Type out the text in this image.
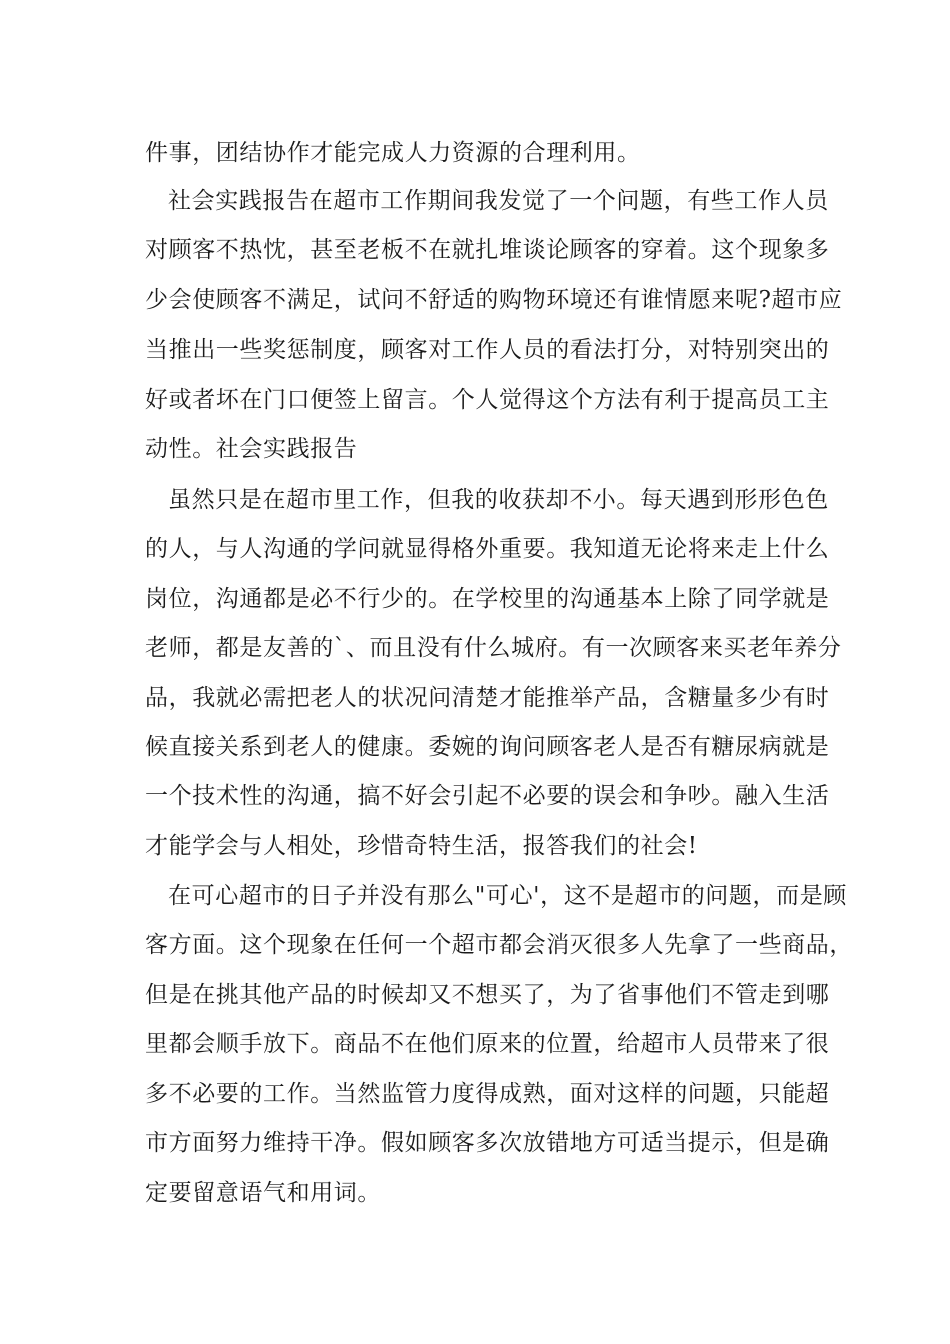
件事，团结协作才能完成人力资源的合理利用。
社会实践报告在超市工作期间我发觉了一个问题，有些工作人员
对顾客不热忱，甚至老板不在就扎堆谈论顾客的穿着。这个现象多
少会使顾客不满足，试问不舒适的购物环境还有谁情愿来呢?超市应
当推出一些奖惩制度，顾客对工作人员的看法打分，对特别突出的
好或者坏在门口便签上留言。个人觉得这个方法有利于提高员工主
动性。社会实践报告
虽然只是在超市里工作，但我的收获却不小。每天遇到形形色色
的人，与人沟通的学问就显得格外重要。我知道无论将来走上什么
岗位，沟通都是必不行少的。在学校里的沟通基本上除了同学就是
老师，都是友善的`、而且没有什么城府。有一次顾客来买老年养分
品，我就必需把老人的状况问清楚才能推举产品，含糖量多少有时
候直接关系到老人的健康。委婉的询问顾客老人是否有糖尿病就是
一个技术性的沟通，搞不好会引起不必要的误会和争吵。融入生活
才能学会与人相处，珍惜奇特生活，报答我们的社会!
在可心超市的日子并没有那么"可心'，这不是超市的问题，而是顾
客方面。这个现象在任何一个超市都会消灭很多人先拿了一些商品，
但是在挑其他产品的时候却又不想买了，为了省事他们不管走到哪
里都会顺手放下。商品不在他们原来的位置，给超市人员带来了很
多不必要的工作。当然监管力度得成熟，面对这样的问题，只能超
市方面努力维持干净。假如顾客多次放错地方可适当提示，但是确
定要留意语气和用词。
